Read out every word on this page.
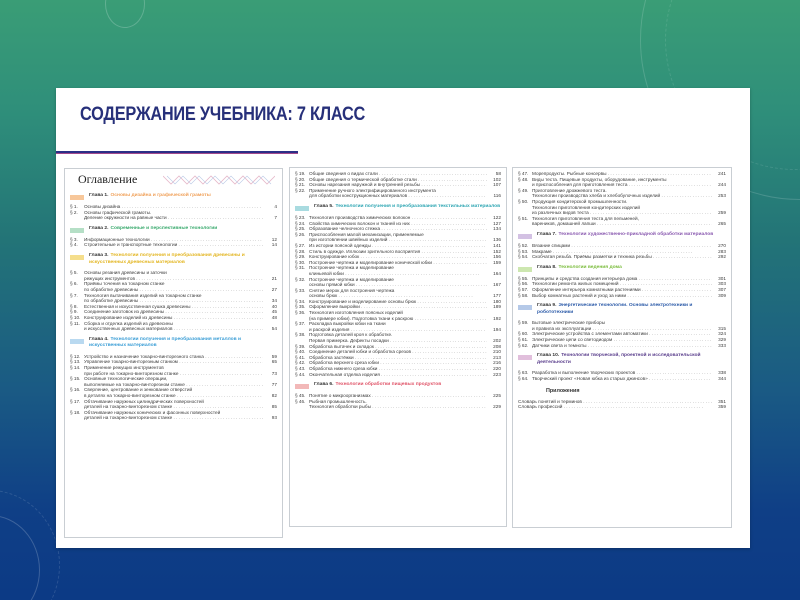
СОДЕРЖАНИЕ УЧЕБНИКА: 7 КЛАСС
Оглавление
Глава 1. Основы дизайна и графической грамоты
§ 1.	Основы дизайна . . .	4
§ 2.	Основы графической грамоты.
Деление окружности на равные части . . .	7
Глава 2. Современные и перспективные технологии
§ 3.	Информационные технологии . . .	12
§ 4.	Строительные и транспортные технологии . . .	14
Глава 3. Технологии получения и преобразования древесины и искусственных древесных материалов
§ 5.	Основы резания древесины и заточки
режущих инструментов . . .	21
§ 6.	Приёмы точения на токарном станке
по обработке древесины . . .	27
§ 7.	Технология вытачивания изделий на токарном станке
по обработке древесины . . .	34
§ 8.	Естественная и искусственная сушка древесины . . .	40
§ 9.	Соединение заготовок из древесины . . .	45
§ 10. Конструирование изделий из древесины . . .	48
§ 11. Сборка и отделка изделий из древесины
и искусственных древесных материалов . . .	54
Глава 4. Технологии получения и преобразования металлов и искусственных материалов
§ 12. Устройство и назначение токарно-винторезного станка . . .	59
§ 13. Управление токарно-винторезным станком . . .	65
§ 14. Применение режущих инструментов
при работе на токарно-винторезном станке . . .	73
§ 15. Основные технологические операции,
выполняемые на токарно-винторезном станке . . .	77
§ 16. Сверление, центрование и зенкование отверстий
в деталях на токарно-винторезном станке . . .	82
§ 17. Обтачивание наружных цилиндрических поверхностей
деталей на токарно-винторезном станке . . .	85
§ 18. Обтачивание наружных конических и фасонных поверхностей
деталей на токарно-винторезном станке . . .	93
§ 19. Общие сведения о видах стали . . .	58
§ 20. Общие сведения о термической обработке стали . . .	102
§ 21. Основы нарезания наружной и внутренней резьбы . . .	107
§ 22. Применение ручного электрифицированного инструмента
для обработки конструкционных материалов . . .	116
Глава 5. Технологии получения и преобразования текстильных материалов
§ 23. Технология производства химических волокон . . .	122
§ 24. Свойства химических волокон и тканей из них . . .	127
§ 25. Образование челночного стежка . . .	134
§ 26. Приспособления малой механизации, применяемые
при изготовлении швейных изделий . . .	136
§ 27. Из истории поясной одежды . . .	141
§ 28. Стиль в одежде. Иллюзии зрительного восприятия . . .	152
§ 29. Конструирование юбок . . .	156
§ 30. Построение чертежа и моделирование конической юбки . . .	159
§ 31. Построение чертежа и моделирование
клиньевой юбки . . .	164
§ 32. Построение чертежа и моделирование
основы прямой юбки . . .	167
§ 33. Снятие мерок для построения чертежа
основы брюк . . .	177
§ 34. Конструирование и моделирование основы брюк . . .	180
§ 35. Оформление выкройки . . .	189
§ 36. Технология изготовления поясных изделий
(на примере юбки). Подготовка ткани к раскрою . . .	192
§ 37. Раскладка выкройки юбки на ткани
и раскрой изделия . . .	194
§ 38. Подготовка деталей кроя к обработке.
Первая примерка. Дефекты посадки . . .	202
§ 39. Обработка вытачек и складок . . .	208
§ 40. Соединение деталей юбки и обработка срезов . . .	210
§ 41. Обработка застёжки . . .	213
§ 42. Обработка верхнего среза юбки . . .	216
§ 43. Обработка нижнего среза юбки . . .	220
§ 44. Окончательная отделка изделия . . .	223
Глава 6. Технологии обработки пищевых продуктов
§ 45. Понятие о микроорганизмах . . .	225
§ 46. Рыбная промышленность.
Технология обработки рыбы . . .	229
§ 47. Морепродукты. Рыбные консервы . . .	241
§ 48. Виды теста. Пищевые продукты, оборудование, инструменты
и приспособления для приготовления теста . . .	244
§ 49. Приготовление дрожжевого теста.
Технологии производства хлеба и хлебобулочных изделий . . .	253
§ 50. Продукция кондитерской промышленности.
Технологии приготовления кондитерских изделий
из различных видов теста . . .	259
§ 51. Технология приготовления теста для пельменей,
вареников, домашней лапши . . .	265
Глава 7. Технологии художественно-прикладной обработки материалов
§ 52. Вязание спицами . . .	270
§ 53. Макраме . . .	283
§ 54. Скобчатая резьба. Приёмы разметки и техника резьбы . . .	292
Глава 8. Технологии ведения дома
§ 55. Принципы и средства создания интерьера дома . . .	301
§ 56. Технологии ремонта жилых помещений . . .	303
§ 57. Оформление интерьера комнатными растениями . . .	307
§ 58. Выбор комнатных растений и уход за ними . . .	309
Глава 9. Энергетические технологии. Основы электротехники и робототехники
§ 59. Бытовые электрические приборы
и правила их эксплуатации . . .	315
§ 60. Электрические устройства с элементами автоматики . . .	324
§ 61. Электрические цепи со светодиодом . . .	329
§ 62. Датчики света и темноты . . .	333
Глава 10. Технологии творческой, проектной и исследовательской деятельности
§ 63. Разработка и выполнение творческих проектов . . .	338
§ 64. Творческий проект «Новая юбка из старых джинсов» . . .	344
Приложения
Словарь понятий и терминов . . .	351
Словарь профессий . . .	359
